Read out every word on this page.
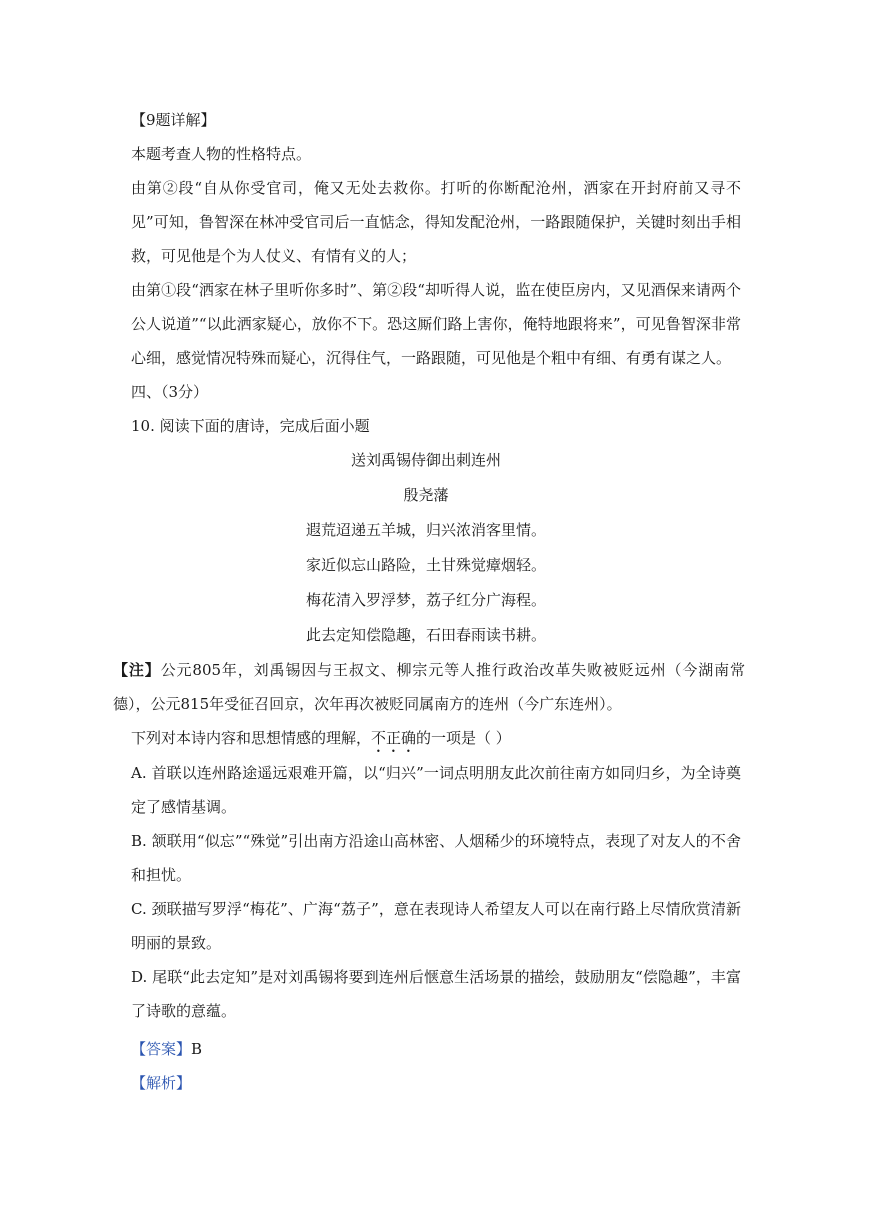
【9题详解】
本题考查人物的性格特点。
由第②段“自从你受官司，俺又无处去救你。打听的你断配沧州，洒家在开封府前又寻不见”可知，鲁智深在林冲受官司后一直惦念，得知发配沧州，一路跟随保护，关键时刻出手相救，可见他是个为人仗义、有情有义的人；
由第①段“洒家在林子里听你多时”、第②段“却听得人说，监在使臣房内，又见酒保来请两个公人说道”“以此洒家疑心，放你不下。恐这厮们路上害你，俺特地跟将来”，可见鲁智深非常心细，感觉情况特殊而疑心，沉得住气，一路跟随，可见他是个粗中有细、有勇有谋之人。
四、（3分）
10. 阅读下面的唐诗，完成后面小题
送刘禹锡侍御出刺连州
殷尧藩
遐荒迢递五羊城，归兴浓消客里情。
家近似忘山路险，土甘殊觉瘴烟轻。
梅花清入罗浮梦，荔子红分广海程。
此去定知偿隐趣，石田春雨读书耕。
【注】公元805年，刘禹锡因与王叔文、柳宗元等人推行政治改革失败被贬远州（今湖南常德），公元815年受征召回京，次年再次被贬同属南方的连州（今广东连州）。
下列对本诗内容和思想情感的理解，不正确的一项是（ ）
A. 首联以连州路途遥远艰难开篇，以“归兴”一词点明朋友此次前往南方如同归乡，为全诗奠定了感情基调。
B. 颔联用“似忘”“殊觉”引出南方沿途山高林密、人烟稀少的环境特点，表现了对友人的不舍和担忧。
C. 颈联描写罗浮“梅花”、广海“荔子”，意在表现诗人希望友人可以在南行路上尽情欣赏清新明丽的景致。
D. 尾联“此去定知”是对刘禹锡将要到连州后惬意生活场景的描绘，鼓励朋友“偿隐趣”，丰富了诗歌的意蕴。
【答案】B
【解析】
